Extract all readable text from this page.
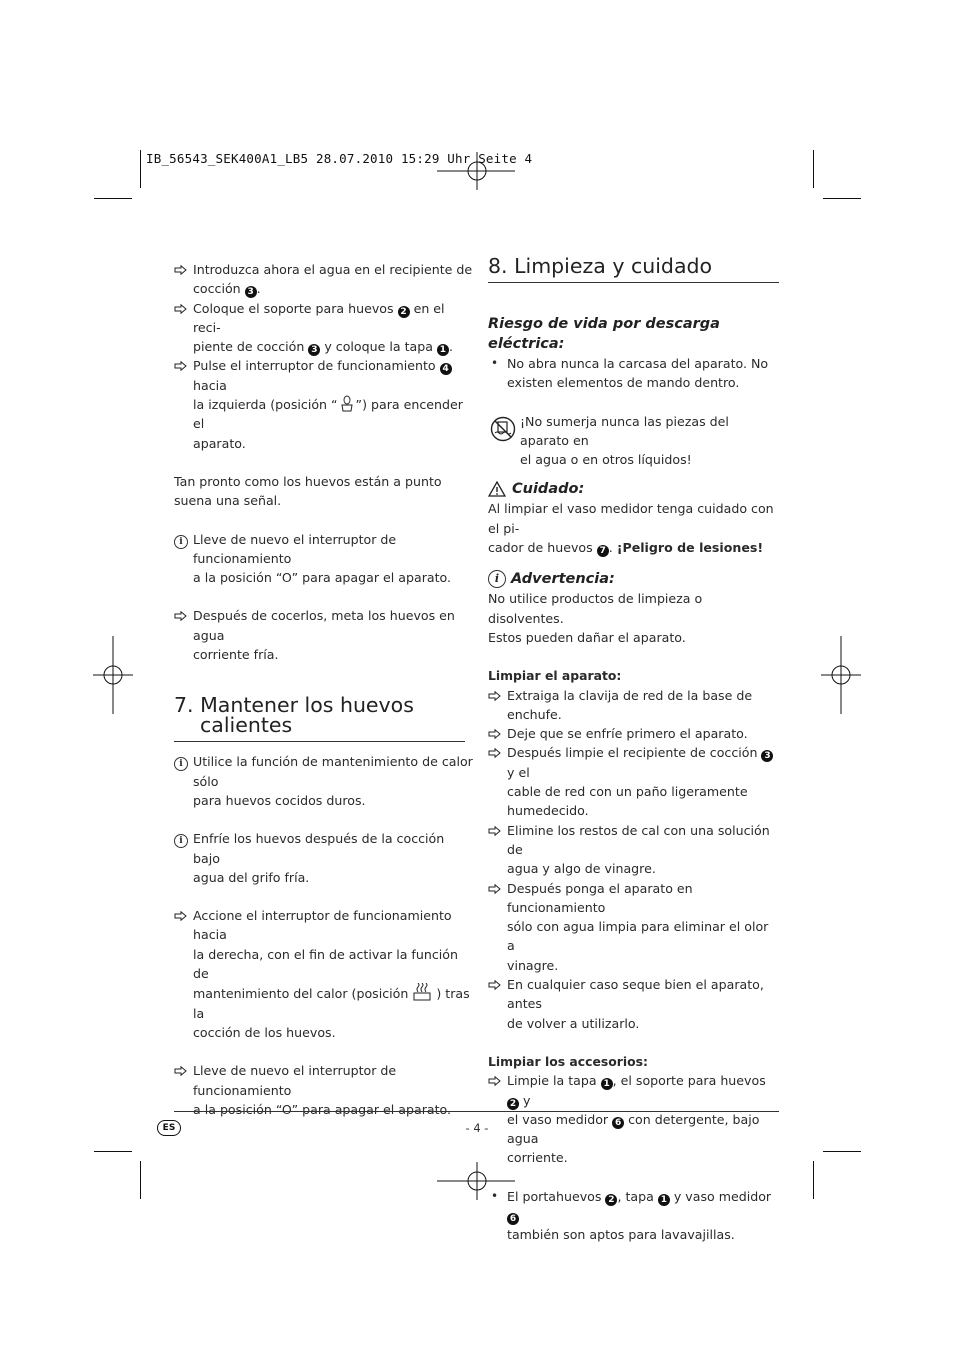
IB_56543_SEK400A1_LB5 28.07.2010 15:29 Uhr Seite 4
Introduzca ahora el agua en el recipiente de
cocción 3 .
Coloque el soporte para huevos 2 en el reci-
piente de cocción 3 y coloque la tapa 1 .
Pulse el interruptor de funcionamiento 4 hacia
la izquierda (posición “ ”) para encender el
aparato.
Tan pronto como los huevos están a punto suena una señal.
i Lleve de nuevo el interruptor de funcionamiento
a la posición “O” para apagar el aparato.
Después de cocerlos, meta los huevos en agua
corriente fría.
7. Mantener los huevos
calientes
i Utilice la función de mantenimiento de calor sólo
para huevos cocidos duros.
i Enfríe los huevos después de la cocción bajo
agua del grifo fría.
Accione el interruptor de funcionamiento hacia
la derecha, con el fin de activar la función de
mantenimiento del calor (posición  ) tras la
cocción de los huevos.
Lleve de nuevo el interruptor de funcionamiento
a la posición “O” para apagar el aparato.
8. Limpieza y cuidado
Riesgo de vida por descarga eléctrica:
• No abra nunca la carcasa del aparato. No
existen elementos de mando dentro.
¡No sumerja nunca las piezas del aparato en
el agua o en otros líquidos!
Cuidado:
Al limpiar el vaso medidor tenga cuidado con el pi-
cador de huevos 7 . ¡Peligro de lesiones!
i Advertencia:
No utilice productos de limpieza o disolventes.
Estos pueden dañar el aparato.
Limpiar el aparato:
Extraiga la clavija de red de la base de
enchufe.
Deje que se enfríe primero el aparato.
Después limpie el recipiente de cocción 3 y el
cable de red con un paño ligeramente
humedecido.
Elimine los restos de cal con una solución de
agua y algo de vinagre.
Después ponga el aparato en funcionamiento
sólo con agua limpia para eliminar el olor a
vinagre.
En cualquier caso seque bien el aparato, antes
de volver a utilizarlo.
Limpiar los accesorios:
Limpie la tapa 1 , el soporte para huevos 2 y
el vaso medidor 6 con detergente, bajo agua
corriente.
• El portahuevos 2 , tapa 1 y vaso medidor 6
también son aptos para lavavajillas.
ES	- 4 -
